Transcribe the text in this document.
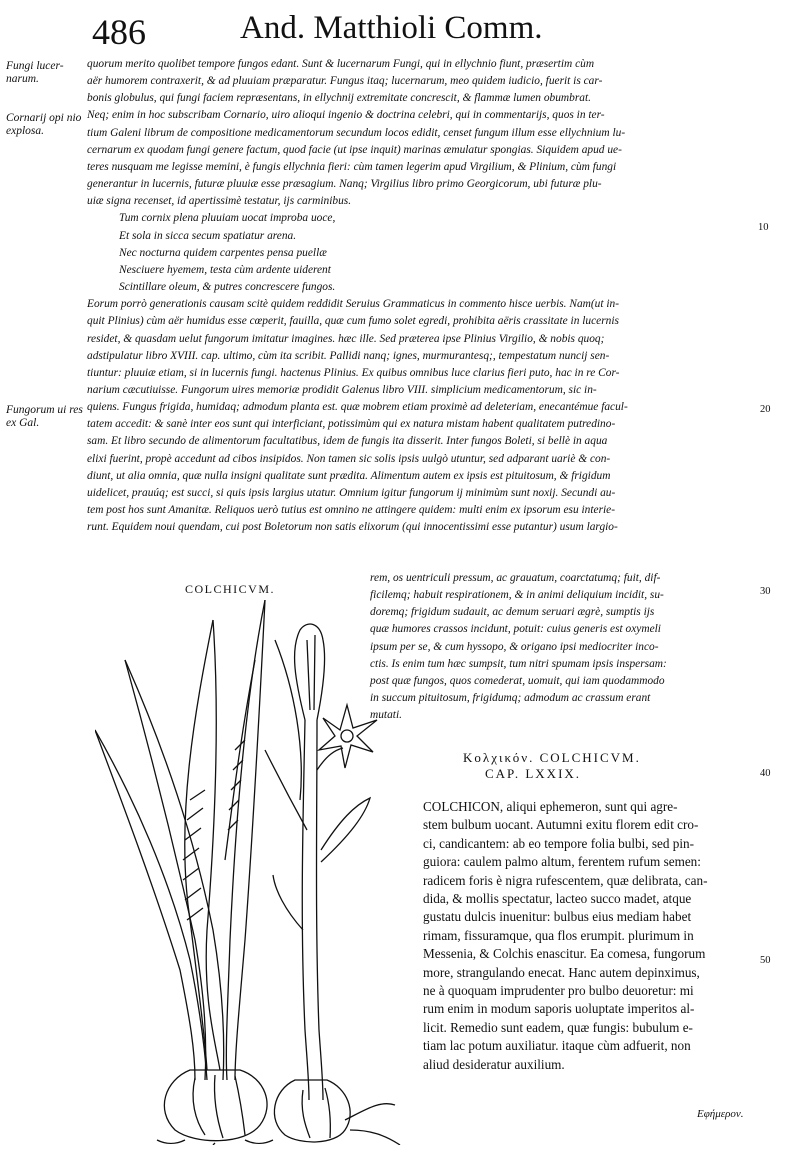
486	And. Matthioli Comm.
Fungi lucer- narum.
Cornarij opi nio explosa.
Fungorum ui res ex Gal.
10
20
30
40
50
quorum merito quolibet tempore fungos edant. Sunt & lucernarum Fungi, qui in ellychnio fiunt, præsertim cùm
aër humorem contraxerit, & ad pluuiam præparatur. Fungus itaq; lucernarum, meo quidem iudicio, fuerit is car-
bonis globulus, qui fungi faciem repræsentans, in ellychnij extremitate concrescit, & flammæ lumen obumbrat.
Neq; enim in hoc subscribam Cornario, uiro alioqui ingenio & doctrina celebri, qui in commentarijs, quos in ter-
tium Galeni librum de compositione medicamentorum secundum locos edidit, censet fungum illum esse ellychnium lu-
cernarum ex quodam fungi genere factum, quod facie (ut ipse inquit) marinas æmulatur spongias. Siquidem apud ue-
teres nusquam me legisse memini, è fungis ellychnia fieri: cùm tamen legerim apud Virgilium, & Plinium, cùm fungi
generantur in lucernis, futuræ pluuiæ esse præsagium. Nanq; Virgilius libro primo Georgicorum, ubi futuræ plu-
uiæ signa recenset, id apertissimè testatur, ijs carminibus.
Tum cornix plena pluuiam uocat improba uoce,
Et sola in sicca secum spatiatur arena.
Nec nocturna quidem carpentes pensa puellæ
Nesciuere hyemem, testa cùm ardente uiderent
Scintillare oleum, & putres concrescere fungos.
Eorum porrò generationis causam scitè quidem reddidit Seruius Grammaticus in commento hisce uerbis. Nam(ut in-
quit Plinius) cùm aër humidus esse cœperit, fauilla, quæ cum fumo solet egredi, prohibita aëris crassitate in lucernis
residet, & quasdam uelut fungorum imitatur imagines. hæc ille. Sed præterea ipse Plinius Virgilio, & nobis quoq;
adstipulatur libro XVIII. cap. ultimo, cùm ita scribit. Pallidi nanq; ignes, murmurantesq;, tempestatum nuncij sen-
tiuntur: pluuiæ etiam, si in lucernis fungi. hactenus Plinius. Ex quibus omnibus luce clarius fieri puto, hac in re Cor-
narium cæcutiuisse. Fungorum uires memoriæ prodidit Galenus libro VIII. simplicium medicamentorum, sic in-
quiens. Fungus frigida, humidaq; admodum planta est. quæ mobrem etiam proximè ad deleteriam, enecantémue facul-
tatem accedit: & sanè inter eos sunt qui interficiant, potissimùm qui ex natura mistam habent qualitatem putredino-
sam. Et libro secundo de alimentorum facultatibus, idem de fungis ita disserit. Inter fungos Boleti, si bellè in aqua
elixi fuerint, propè accedunt ad cibos insipidos. Non tamen sic solis ipsis uulgò utuntur, sed adparant uariè & con-
diunt, ut alia omnia, quæ nulla insigni qualitate sunt prædita. Alimentum autem ex ipsis est pituitosum, & frigidum
uidelicet, prauúq; est succi, si quis ipsis largius utatur. Omnium igitur fungorum ij minimùm sunt noxij. Secundi au-
tem post hos sunt Amanitæ. Reliquos uerò tutius est omnino ne attingere quidem: multi enim ex ipsorum esu interie-
runt. Equidem noui quendam, cui post Boletorum non satis elixorum (qui innocentissimi esse putantur) usum largio-
rem, os uentriculi pressum, ac grauatum, coarctatumq; fuit, dif-
ficilemq; habuit respirationem, & in animi deliquium incidit, su-
doremq; frigidum sudauit, ac demum seruari ægrè, sumptis ijs
quæ humores crassos incidunt, potuit: cuius generis est oxymeli
ipsum per se, & cum hyssopo, & origano ipsi mediocriter inco-
ctis. Is enim tum hæc sumpsit, tum nitri spumam ipsis inspersam:
post quæ fungos, quos comederat, uomuit, qui iam quodammodo
in succum pituitosum, frigidumq; admodum ac crassum erant
mutati.
COLCHICVM.
Κολχικόν. COLCHICVM.
CAP. LXXIX.
COLCHICON, aliqui ephemeron, sunt qui agre-
stem bulbum uocant. Autumni exitu florem edit cro-
ci, candicantem: ab eo tempore folia bulbi, sed pin-
guiora: caulem palmo altum, ferentem rufum semen:
radicem foris è nigra rufescentem, quæ delibrata, can-
dida, & mollis spectatur, lacteo succo madet, atque
gustatu dulcis inuenitur: bulbus eius mediam habet
rimam, fissuramque, qua flos erumpit. plurimum in
Messenia, & Colchis enascitur. Ea comesa, fungorum
more, strangulando enecat. Hanc autem depinximus,
ne à quoquam imprudenter pro bulbo deuoretur: mi
rum enim in modum saporis uoluptate imperitos al-
licit. Remedio sunt eadem, quæ fungis: bubulum e-
tiam lac potum auxiliatur. itaque cùm adfuerit, non
aliud desideratur auxilium.
Εφήμερον.
